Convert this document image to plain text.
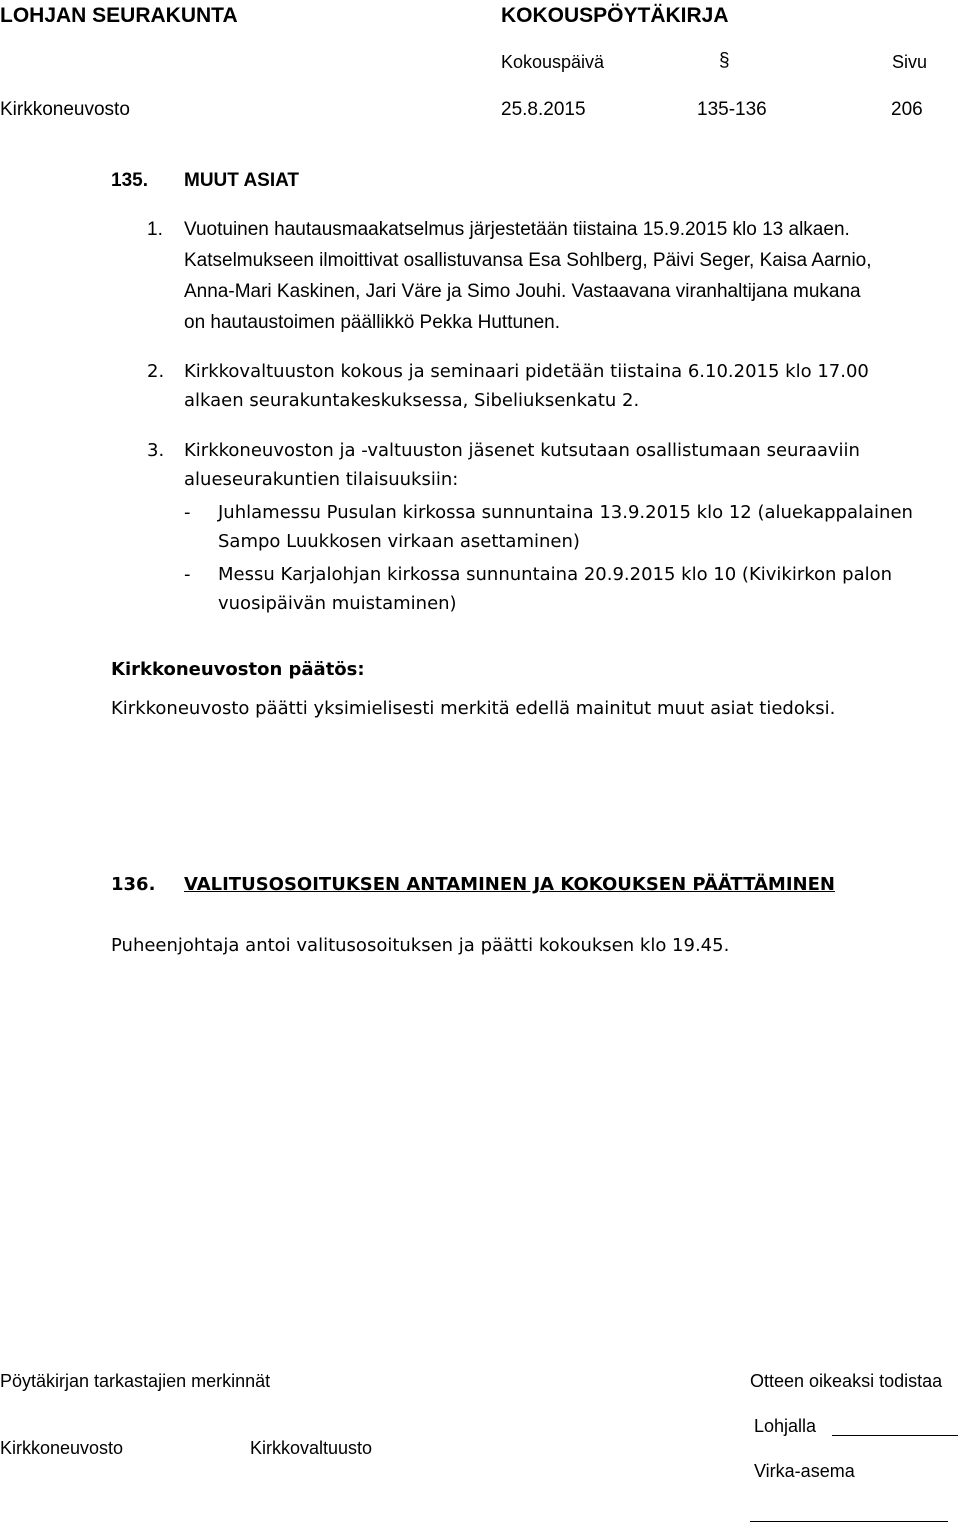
LOHJAN SEURAKUNTA	KOKOUSPÖYTÄKIRJA
Kokouspäivä	§	Sivu
Kirkkoneuvosto	25.8.2015	135-136	206
135. MUUT ASIAT
1. Vuotuinen hautausmaakatselmus järjestetään tiistaina 15.9.2015 klo 13 alkaen.
Katselmukseen ilmoittivat osallistuvansa Esa Sohlberg, Päivi Seger, Kaisa Aarnio,
Anna-Mari Kaskinen, Jari Väre ja Simo Jouhi. Vastaavana viranhaltijana mukana
on hautaustoimen päällikkö Pekka Huttunen.
2. Kirkkovaltuuston kokous ja seminaari pidetään tiistaina 6.10.2015 klo 17.00
alkaen seurakuntakeskuksessa, Sibeliuksenkatu 2.
3. Kirkkoneuvoston ja -valtuuston jäsenet kutsutaan osallistumaan seuraaviin
alueseurakuntien tilaisuuksiin:
- Juhlamessu Pusulan kirkossa sunnuntaina 13.9.2015 klo 12 (aluekappalainen
Sampo Luukkosen virkaan asettaminen)
- Messu Karjalohjan kirkossa sunnuntaina 20.9.2015 klo 10 (Kivikirkon palon
vuosipäivän muistaminen)
Kirkkoneuvoston päätös:
Kirkkoneuvosto päätti yksimielisesti merkitä edellä mainitut muut asiat tiedoksi.
136. VALITUSOSOITUKSEN ANTAMINEN JA KOKOUKSEN PÄÄTTÄMINEN
Puheenjohtaja antoi valitusosoituksen ja päätti kokouksen klo 19.45.
Pöytäkirjan tarkastajien merkinnät	Otteen oikeaksi todistaa
Kirkkoneuvosto	Kirkkovaltuusto
Lohjalla
Virka-asema
